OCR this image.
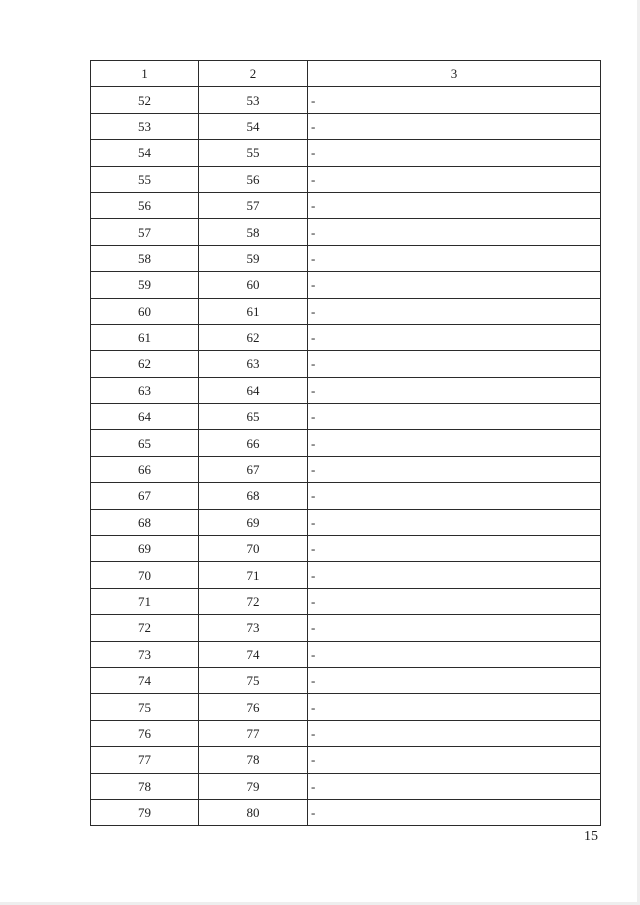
1	2	3
52	53	-
53	54	-
54	55	-
55	56	-
56	57	-
57	58	-
58	59	-
59	60	-
60	61	-
61	62	-
62	63	-
63	64	-
64	65	-
65	66	-
66	67	-
67	68	-
68	69	-
69	70	-
70	71	-
71	72	-
72	73	-
73	74	-
74	75	-
75	76	-
76	77	-
77	78	-
78	79	-
79	80	-
15
